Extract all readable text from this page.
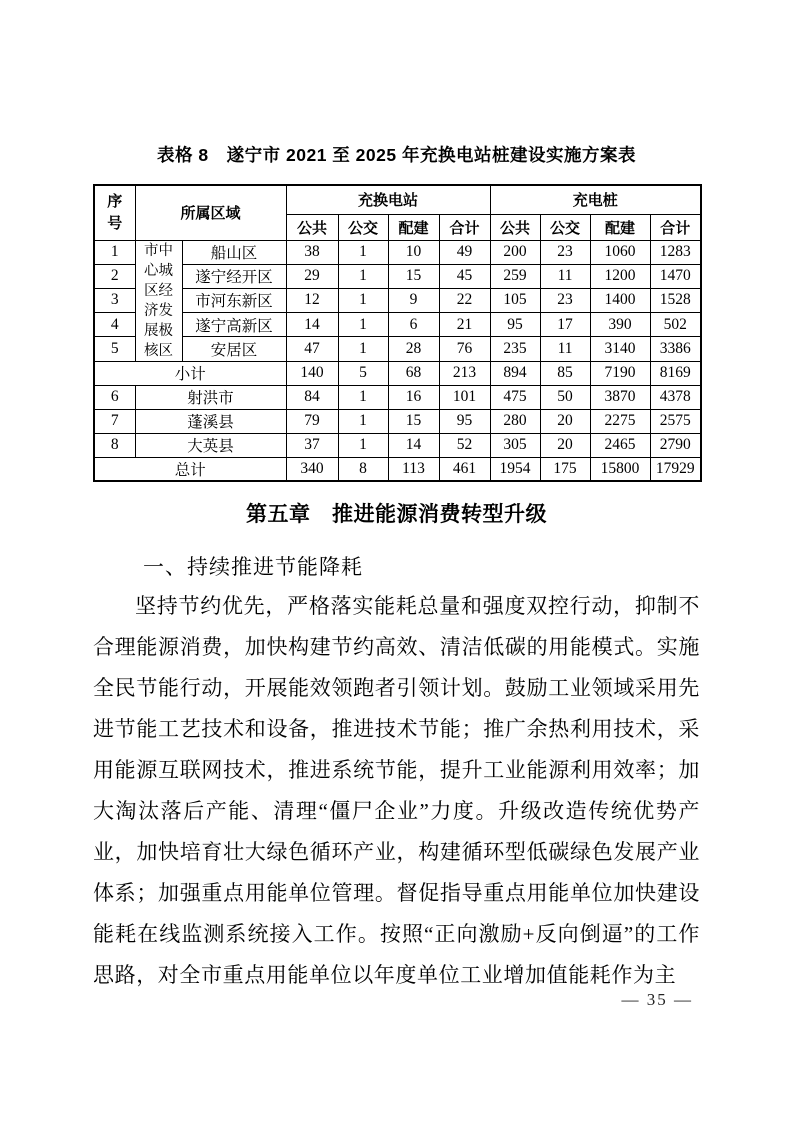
表格 8　遂宁市 2021 至 2025 年充换电站桩建设实施方案表
序号	所属区域		充换电站				充电桩			
			公共	公交	配建	合计	公共	公交	配建	合计
1	市中心城区经济发展极核区	船山区	38	1	10	49	200	23	1060	1283
2		遂宁经开区	29	1	15	45	259	11	1200	1470
3		市河东新区	12	1	9	22	105	23	1400	1528
4		遂宁高新区	14	1	6	21	95	17	390	502
5		安居区	47	1	28	76	235	11	3140	3386
小计			140	5	68	213	894	85	7190	8169
6	射洪市		84	1	16	101	475	50	3870	4378
7	蓬溪县		79	1	15	95	280	20	2275	2575
8	大英县		37	1	14	52	305	20	2465	2790
总计			340	8	113	461	1954	175	15800	17929
第五章　推进能源消费转型升级
一、持续推进节能降耗
坚持节约优先，严格落实能耗总量和强度双控行动，抑制不合理能源消费，加快构建节约高效、清洁低碳的用能模式。实施全民节能行动，开展能效领跑者引领计划。鼓励工业领域采用先进节能工艺技术和设备，推进技术节能；推广余热利用技术，采用能源互联网技术，推进系统节能，提升工业能源利用效率；加大淘汰落后产能、清理“僵尸企业”力度。升级改造传统优势产业，加快培育壮大绿色循环产业，构建循环型低碳绿色发展产业体系；加强重点用能单位管理。督促指导重点用能单位加快建设能耗在线监测系统接入工作。按照“正向激励+反向倒逼”的工作思路，对全市重点用能单位以年度单位工业增加值能耗作为主
— 35 —
